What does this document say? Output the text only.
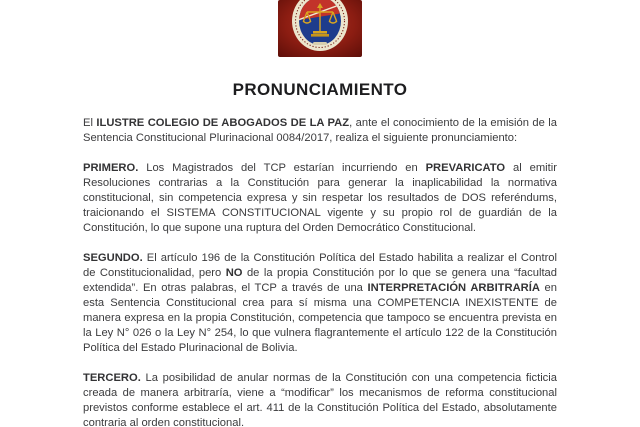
PRONUNCIAMIENTO

El ILUSTRE COLEGIO DE ABOGADOS DE LA PAZ, ante el conocimiento de la emisión de la Sentencia Constitucional Plurinacional 0084/2017, realiza el siguiente pronunciamiento:

PRIMERO. Los Magistrados del TCP estarían incurriendo en PREVARICATO al emitir Resoluciones contrarias a la Constitución para generar la inaplicabilidad la normativa constitucional, sin competencia expresa y sin respetar los resultados de DOS referéndums, traicionando el SISTEMA CONSTITUCIONAL vigente y su propio rol de guardián de la Constitución, lo que supone una ruptura del Orden Democrático Constitucional.

SEGUNDO. El artículo 196 de la Constitución Política del Estado habilita a realizar el Control de Constitucionalidad, pero NO de la propia Constitución por lo que se genera una “facultad extendida”. En otras palabras, el TCP a través de una INTERPRETACIÓN ARBITRARÍA en esta Sentencia Constitucional crea para sí misma una COMPETENCIA INEXISTENTE de manera expresa en la propia Constitución, competencia que tampoco se encuentra prevista en la Ley N° 026 o la Ley N° 254, lo que vulnera flagrantemente el artículo 122 de la Constitución Política del Estado Plurinacional de Bolivia.

TERCERO. La posibilidad de anular normas de la Constitución con una competencia ficticia creada de manera arbitraría, viene a “modificar” los mecanismos de reforma constitucional previstos conforme establece el art. 411 de la Constitución Política del Estado, absolutamente contraria al orden constitucional.
